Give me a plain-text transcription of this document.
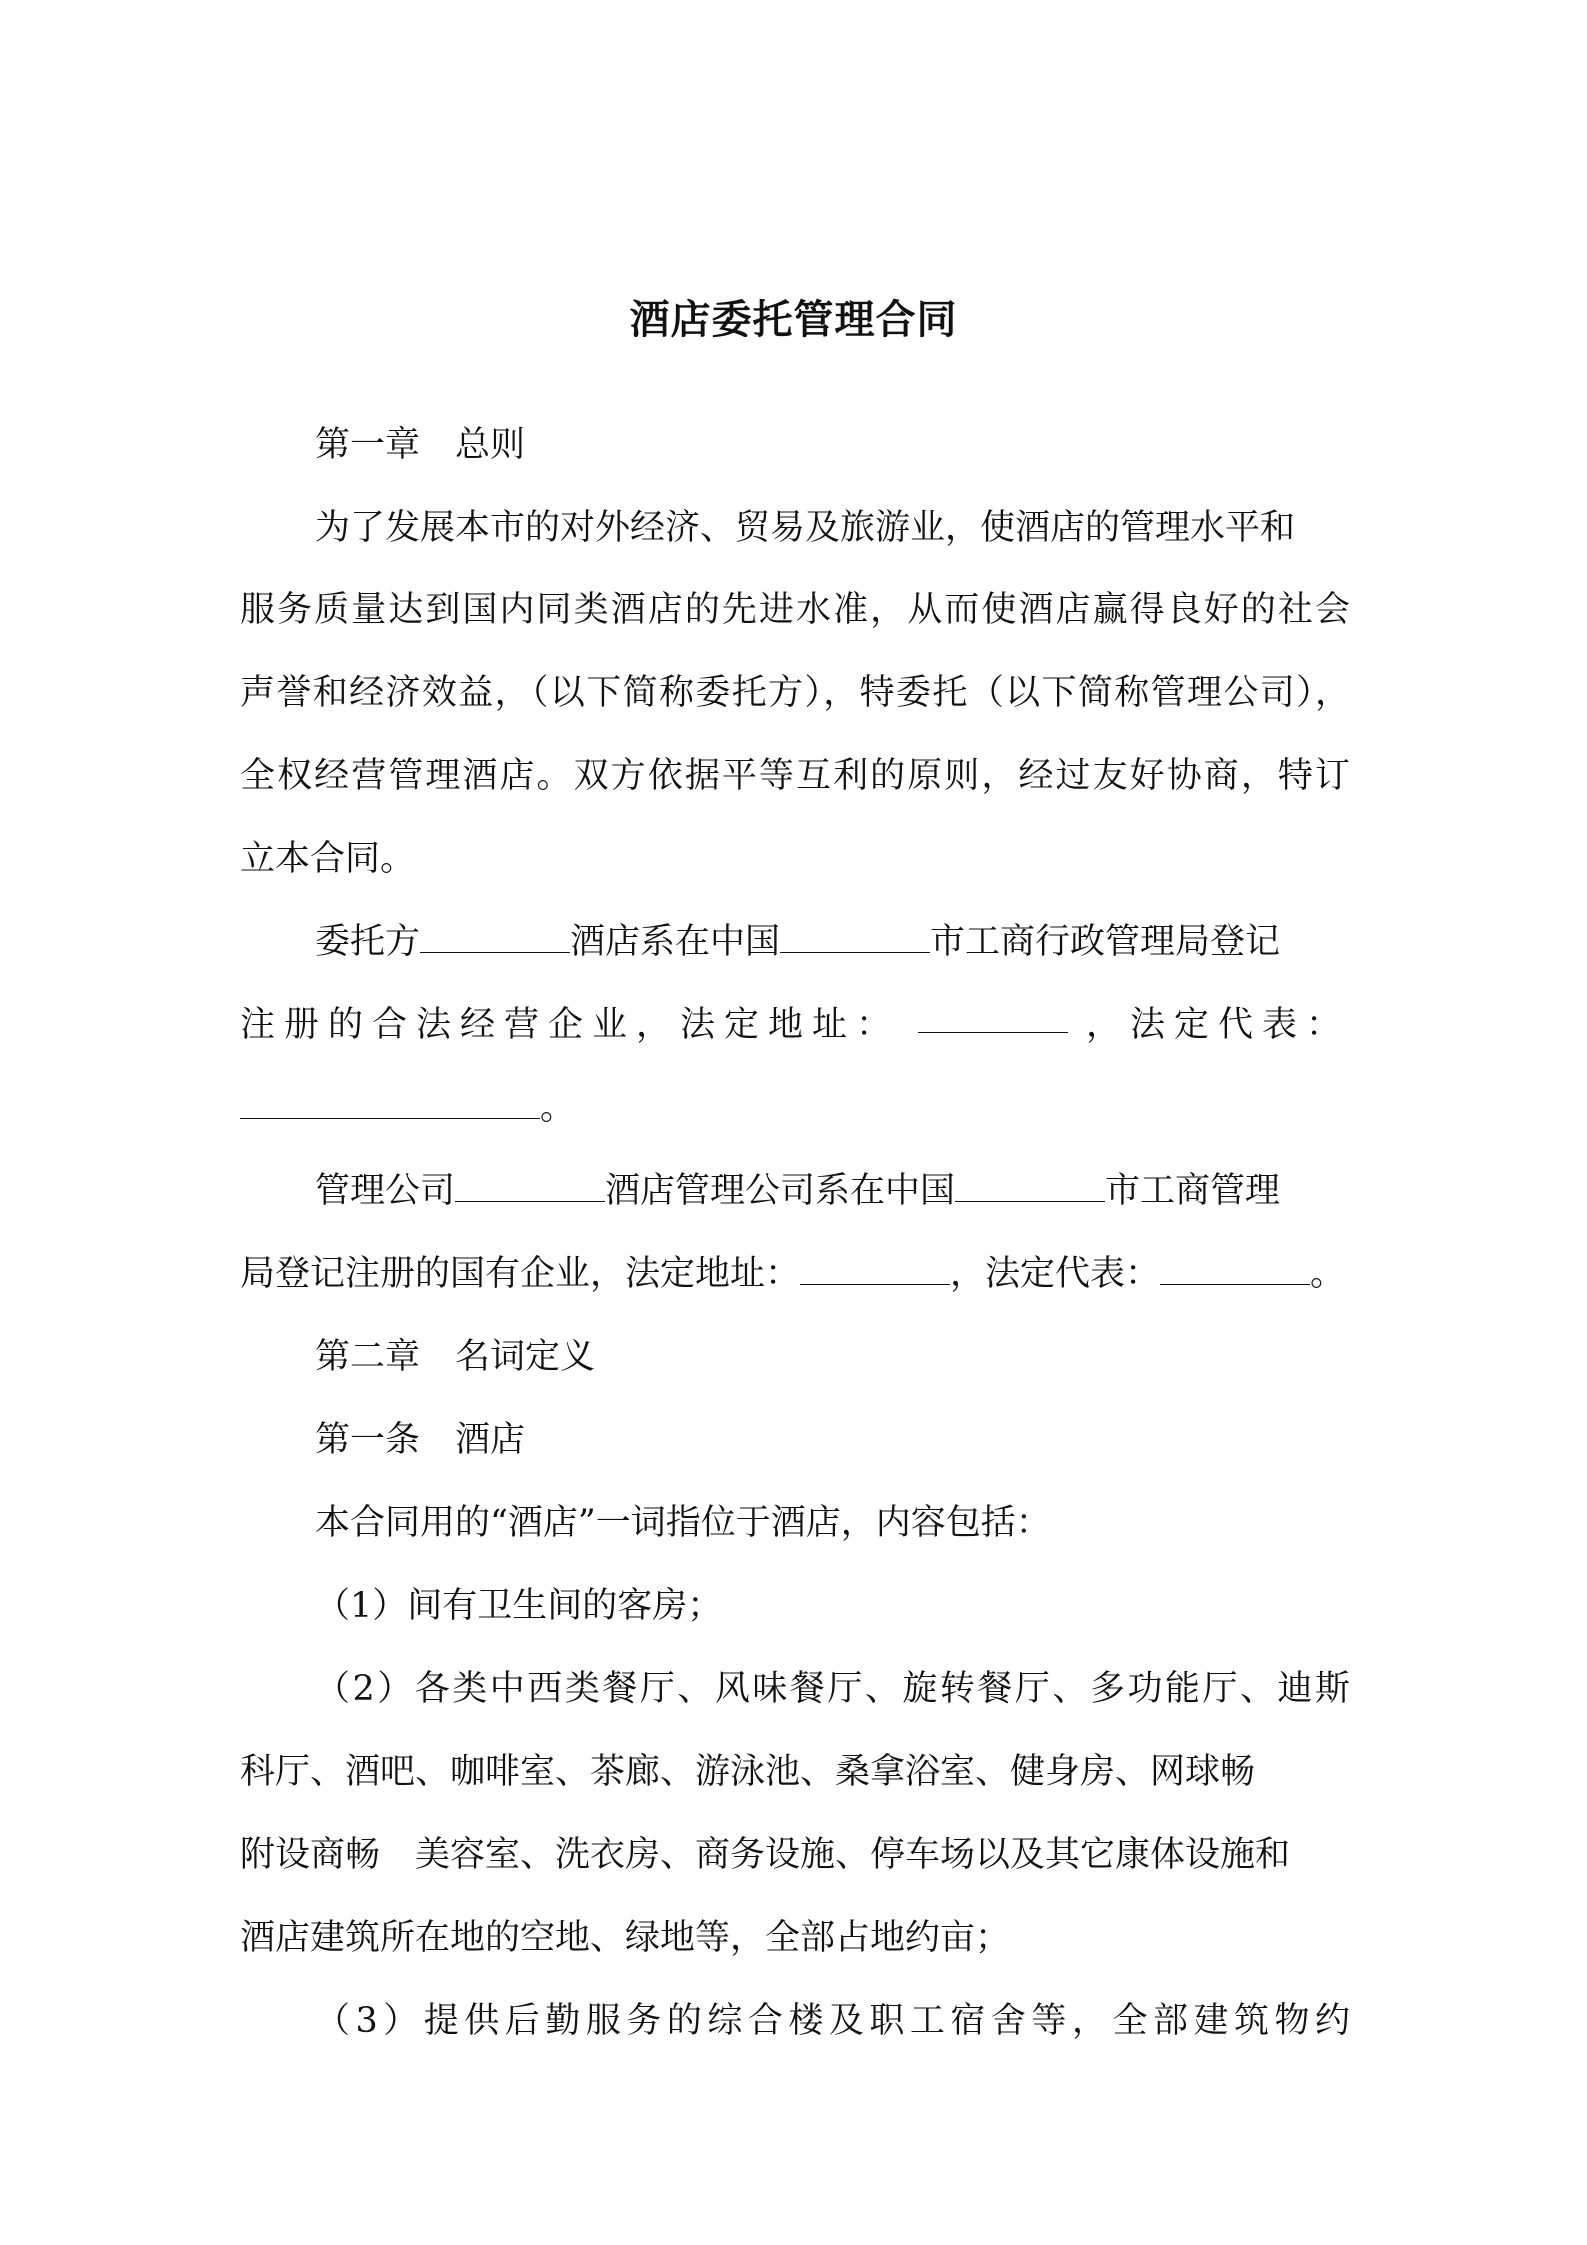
酒店委托管理合同
第一章　总则
为了发展本市的对外经济、贸易及旅游业，使酒店的管理水平和
服务质量达到国内同类酒店的先进水准，从而使酒店赢得良好的社会
声誉和经济效益，（以下简称委托方），特委托（以下简称管理公司），
全权经营管理酒店。双方依据平等互利的原则，经过友好协商，特订
立本合同。
委托方	酒店系在中国	市工商行政管理局登记
注册的合法经营企业，法定地址：	，法定代表：
。
管理公司	酒店管理公司系在中国	市工商管理
局登记注册的国有企业，法定地址：	，法定代表：	。
第二章　名词定义
第一条　酒店
本合同用的“酒店”一词指位于酒店，内容包括：
（1）间有卫生间的客房；
（2）各类中西类餐厅、风味餐厅、旋转餐厅、多功能厅、迪斯
科厅、酒吧、咖啡室、茶廊、游泳池、桑拿浴室、健身房、网球畅
附设商畅　美容室、洗衣房、商务设施、停车场以及其它康体设施和
酒店建筑所在地的空地、绿地等，全部占地约亩；
（3）提供后勤服务的综合楼及职工宿舍等，全部建筑物约
